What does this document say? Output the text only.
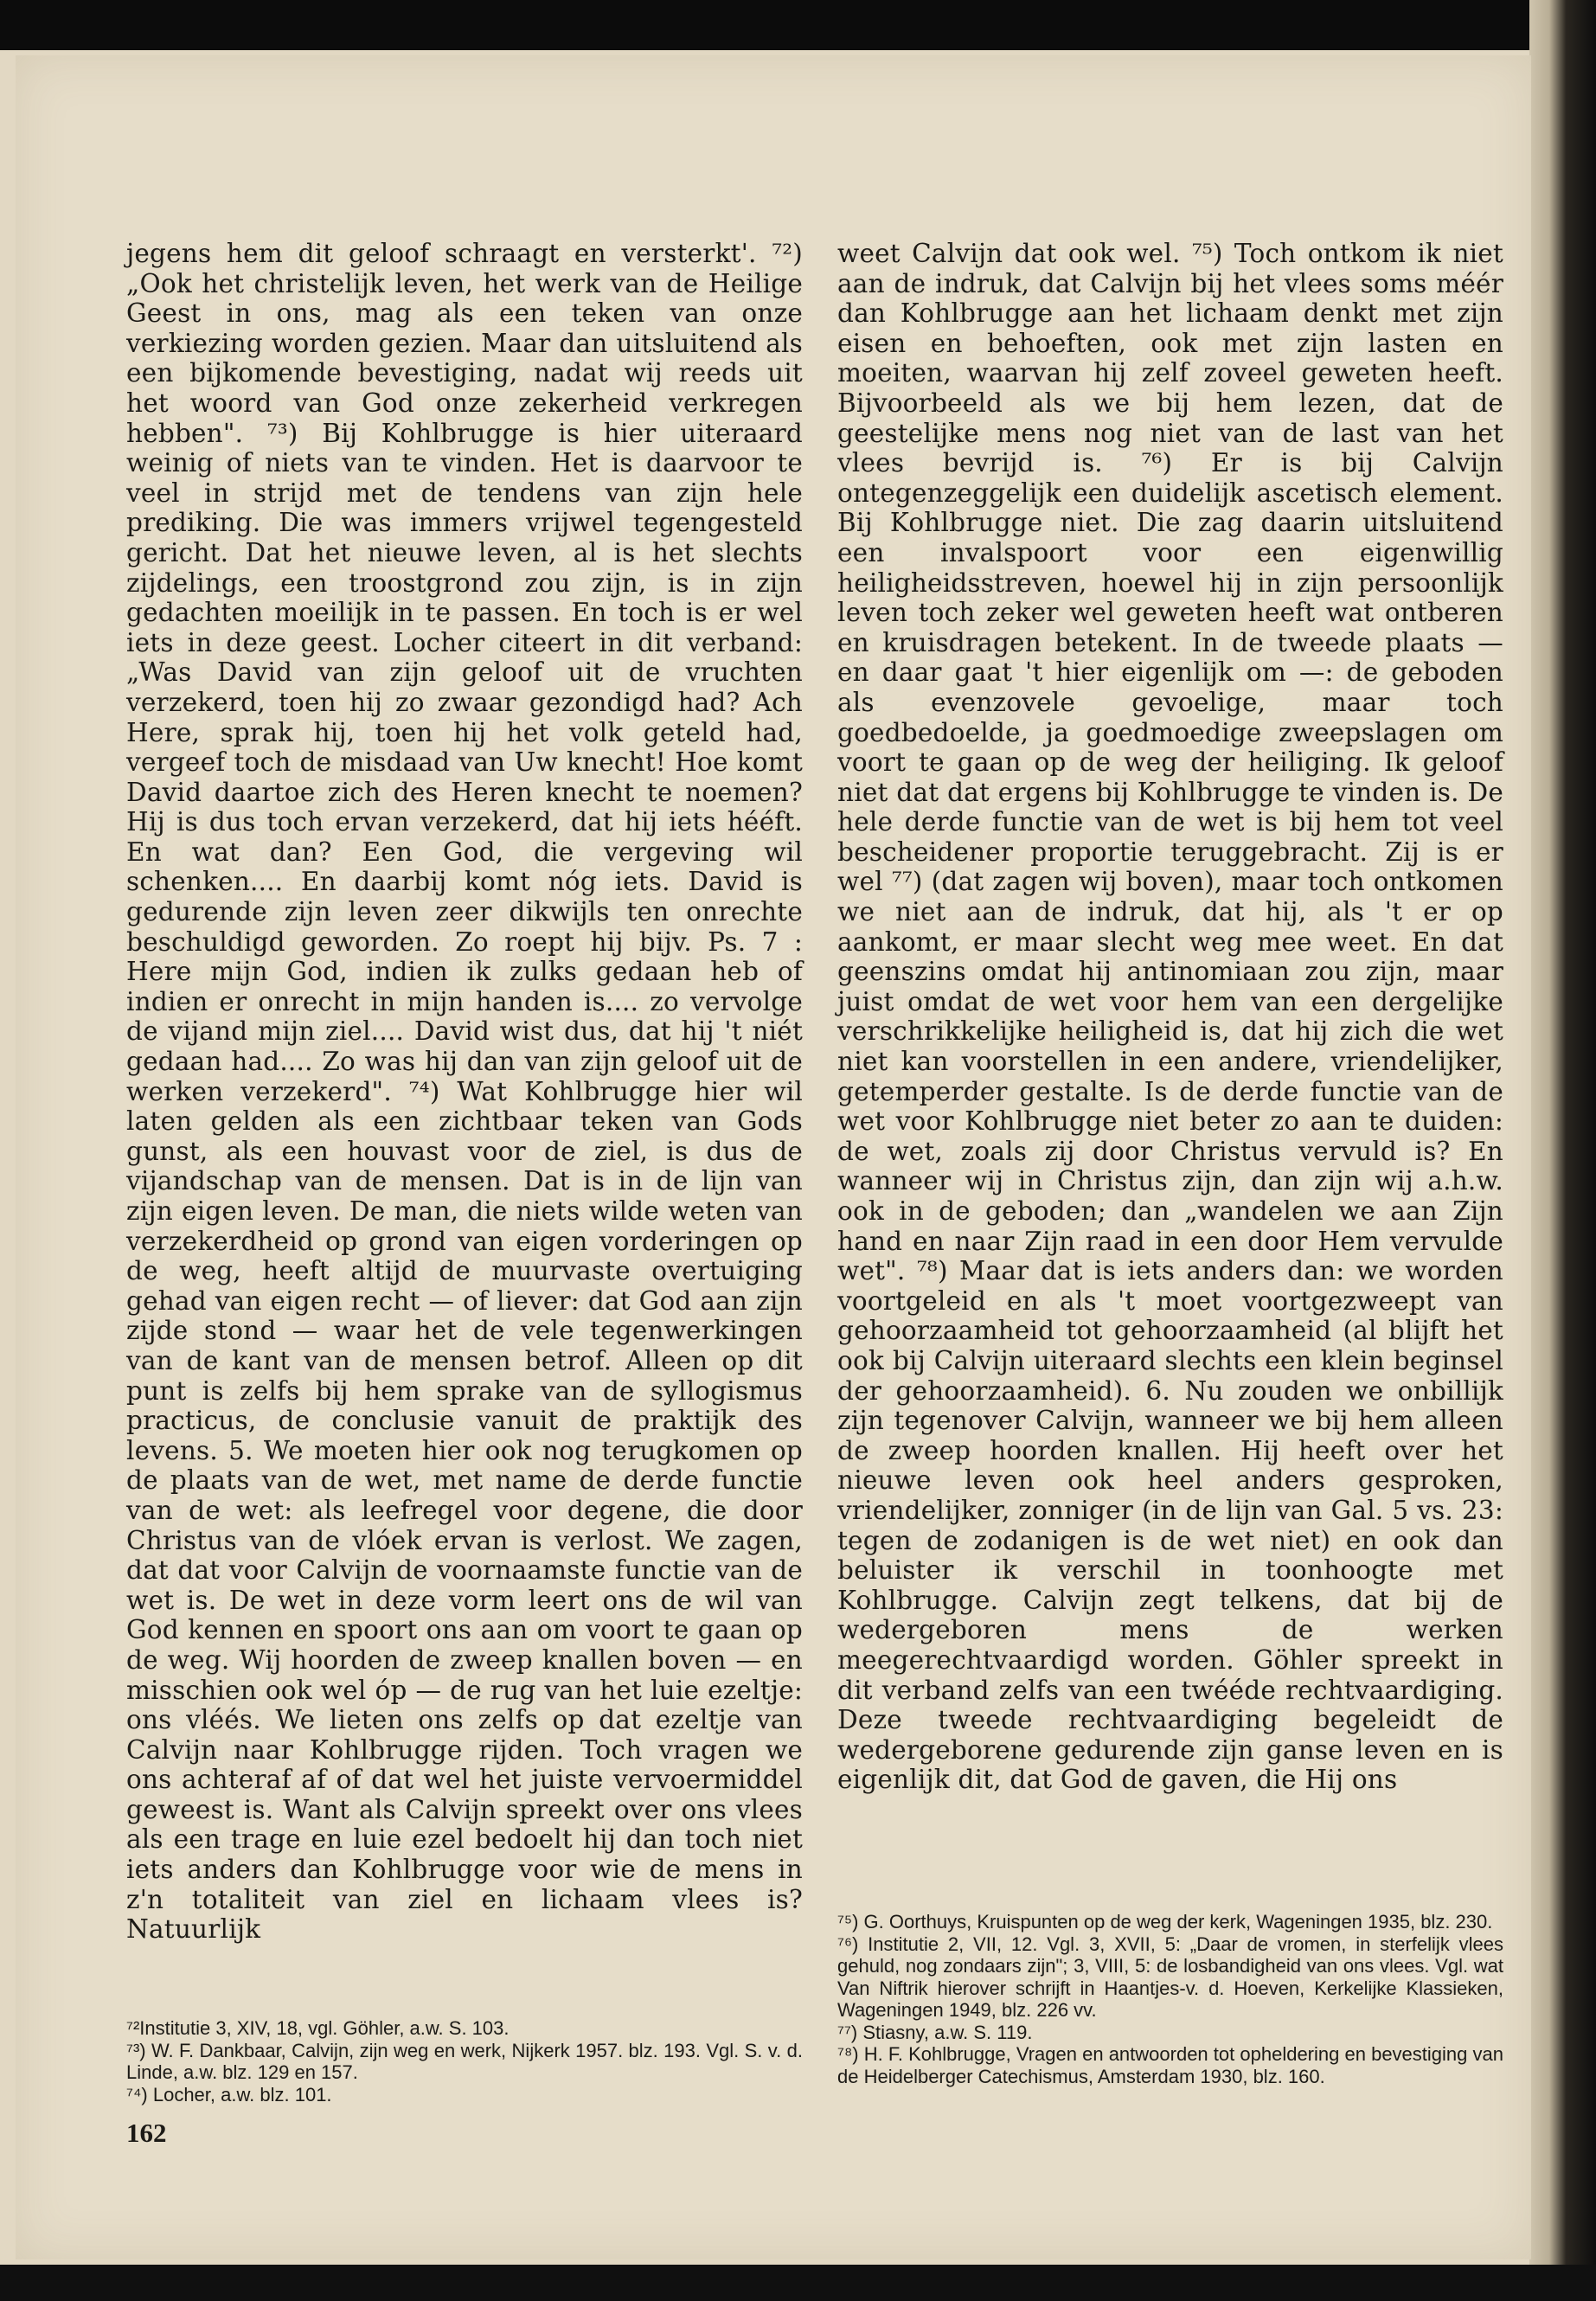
jegens hem dit geloof schraagt en versterkt'. ⁷²) „Ook het christelijk leven, het werk van de Heilige Geest in ons, mag als een teken van onze verkiezing worden gezien. Maar dan uitsluitend als een bijkomende bevestiging, nadat wij reeds uit het woord van God onze zekerheid verkregen hebben". ⁷³) Bij Kohlbrugge is hier uiteraard weinig of niets van te vinden. Het is daarvoor te veel in strijd met de tendens van zijn hele prediking. Die was immers vrijwel tegengesteld gericht. Dat het nieuwe leven, al is het slechts zijdelings, een troostgrond zou zijn, is in zijn gedachten moeilijk in te passen. En toch is er wel iets in deze geest. Locher citeert in dit verband: „Was David van zijn geloof uit de vruchten verzekerd, toen hij zo zwaar gezondigd had? Ach Here, sprak hij, toen hij het volk geteld had, vergeef toch de misdaad van Uw knecht! Hoe komt David daartoe zich des Heren knecht te noemen? Hij is dus toch ervan verzekerd, dat hij iets hééft. En wat dan? Een God, die vergeving wil schenken.... En daarbij komt nóg iets. David is gedurende zijn leven zeer dikwijls ten onrechte beschuldigd geworden. Zo roept hij bijv. Ps. 7 : Here mijn God, indien ik zulks gedaan heb of indien er onrecht in mijn handen is.... zo vervolge de vijand mijn ziel.... David wist dus, dat hij 't niét gedaan had.... Zo was hij dan van zijn geloof uit de werken verzekerd". ⁷⁴) Wat Kohlbrugge hier wil laten gelden als een zichtbaar teken van Gods gunst, als een houvast voor de ziel, is dus de vijandschap van de mensen. Dat is in de lijn van zijn eigen leven. De man, die niets wilde weten van verzekerdheid op grond van eigen vorderingen op de weg, heeft altijd de muurvaste overtuiging gehad van eigen recht — of liever: dat God aan zijn zijde stond — waar het de vele tegenwerkingen van de kant van de mensen betrof. Alleen op dit punt is zelfs bij hem sprake van de syllogismus practicus, de conclusie vanuit de praktijk des levens. 5. We moeten hier ook nog terugkomen op de plaats van de wet, met name de derde functie van de wet: als leefregel voor degene, die door Christus van de vlóek ervan is verlost. We zagen, dat dat voor Calvijn de voornaamste functie van de wet is. De wet in deze vorm leert ons de wil van God kennen en spoort ons aan om voort te gaan op de weg. Wij hoorden de zweep knallen boven — en misschien ook wel óp — de rug van het luie ezeltje: ons vléés. We lieten ons zelfs op dat ezeltje van Calvijn naar Kohlbrugge rijden. Toch vragen we ons achteraf af of dat wel het juiste vervoermiddel geweest is. Want als Calvijn spreekt over ons vlees als een trage en luie ezel bedoelt hij dan toch niet iets anders dan Kohlbrugge voor wie de mens in z'n totaliteit van ziel en lichaam vlees is? Natuurlijk

weet Calvijn dat ook wel. ⁷⁵) Toch ontkom ik niet aan de indruk, dat Calvijn bij het vlees soms méér dan Kohlbrugge aan het lichaam denkt met zijn eisen en behoeften, ook met zijn lasten en moeiten, waarvan hij zelf zoveel geweten heeft. Bijvoorbeeld als we bij hem lezen, dat de geestelijke mens nog niet van de last van het vlees bevrijd is. ⁷⁶) Er is bij Calvijn ontegenzeggelijk een duidelijk ascetisch element. Bij Kohlbrugge niet. Die zag daarin uitsluitend een invalspoort voor een eigenwillig heiligheidsstreven, hoewel hij in zijn persoonlijk leven toch zeker wel geweten heeft wat ontberen en kruisdragen betekent. In de tweede plaats — en daar gaat 't hier eigenlijk om —: de geboden als evenzovele gevoelige, maar toch goedbedoelde, ja goedmoedige zweepslagen om voort te gaan op de weg der heiliging. Ik geloof niet dat dat ergens bij Kohlbrugge te vinden is. De hele derde functie van de wet is bij hem tot veel bescheidener proportie teruggebracht. Zij is er wel ⁷⁷) (dat zagen wij boven), maar toch ontkomen we niet aan de indruk, dat hij, als 't er op aankomt, er maar slecht weg mee weet. En dat geenszins omdat hij antinomiaan zou zijn, maar juist omdat de wet voor hem van een dergelijke verschrikkelijke heiligheid is, dat hij zich die wet niet kan voorstellen in een andere, vriendelijker, getemperder gestalte. Is de derde functie van de wet voor Kohlbrugge niet beter zo aan te duiden: de wet, zoals zij door Christus vervuld is? En wanneer wij in Christus zijn, dan zijn wij a.h.w. ook in de geboden; dan „wandelen we aan Zijn hand en naar Zijn raad in een door Hem vervulde wet". ⁷⁸) Maar dat is iets anders dan: we worden voortgeleid en als 't moet voortgezweept van gehoorzaamheid tot gehoorzaamheid (al blijft het ook bij Calvijn uiteraard slechts een klein beginsel der gehoorzaamheid). 6. Nu zouden we onbillijk zijn tegenover Calvijn, wanneer we bij hem alleen de zweep hoorden knallen. Hij heeft over het nieuwe leven ook heel anders gesproken, vriendelijker, zonniger (in de lijn van Gal. 5 vs. 23: tegen de zodanigen is de wet niet) en ook dan beluister ik verschil in toonhoogte met Kohlbrugge. Calvijn zegt telkens, dat bij de wedergeboren mens de werken meegerechtvaardigd worden. Göhler spreekt in dit verband zelfs van een twééde rechtvaardiging. Deze tweede rechtvaardiging begeleidt de wedergeborene gedurende zijn ganse leven en is eigenlijk dit, dat God de gaven, die Hij ons

⁷⁵) G. Oorthuys, Kruispunten op de weg der kerk, Wageningen 1935, blz. 230.

⁷⁶) Institutie 2, VII, 12. Vgl. 3, XVII, 5: „Daar de vromen, in sterfelijk vlees gehuld, nog zondaars zijn"; 3, VIII, 5: de losbandigheid van ons vlees. Vgl. wat Van Niftrik hierover schrijft in Haantjes-v. d. Hoeven, Kerkelijke Klassieken, Wageningen 1949, blz. 226 vv.

⁷⁷) Stiasny, a.w. S. 119.

⁷⁸) H. F. Kohlbrugge, Vragen en antwoorden tot opheldering en bevestiging van de Heidelberger Catechismus, Amsterdam 1930, blz. 160.

⁷²Institutie 3, XIV, 18, vgl. Göhler, a.w. S. 103.

⁷³) W. F. Dankbaar, Calvijn, zijn weg en werk, Nijkerk 1957. blz. 193. Vgl. S. v. d. Linde, a.w. blz. 129 en 157.

⁷⁴) Locher, a.w. blz. 101.

162
